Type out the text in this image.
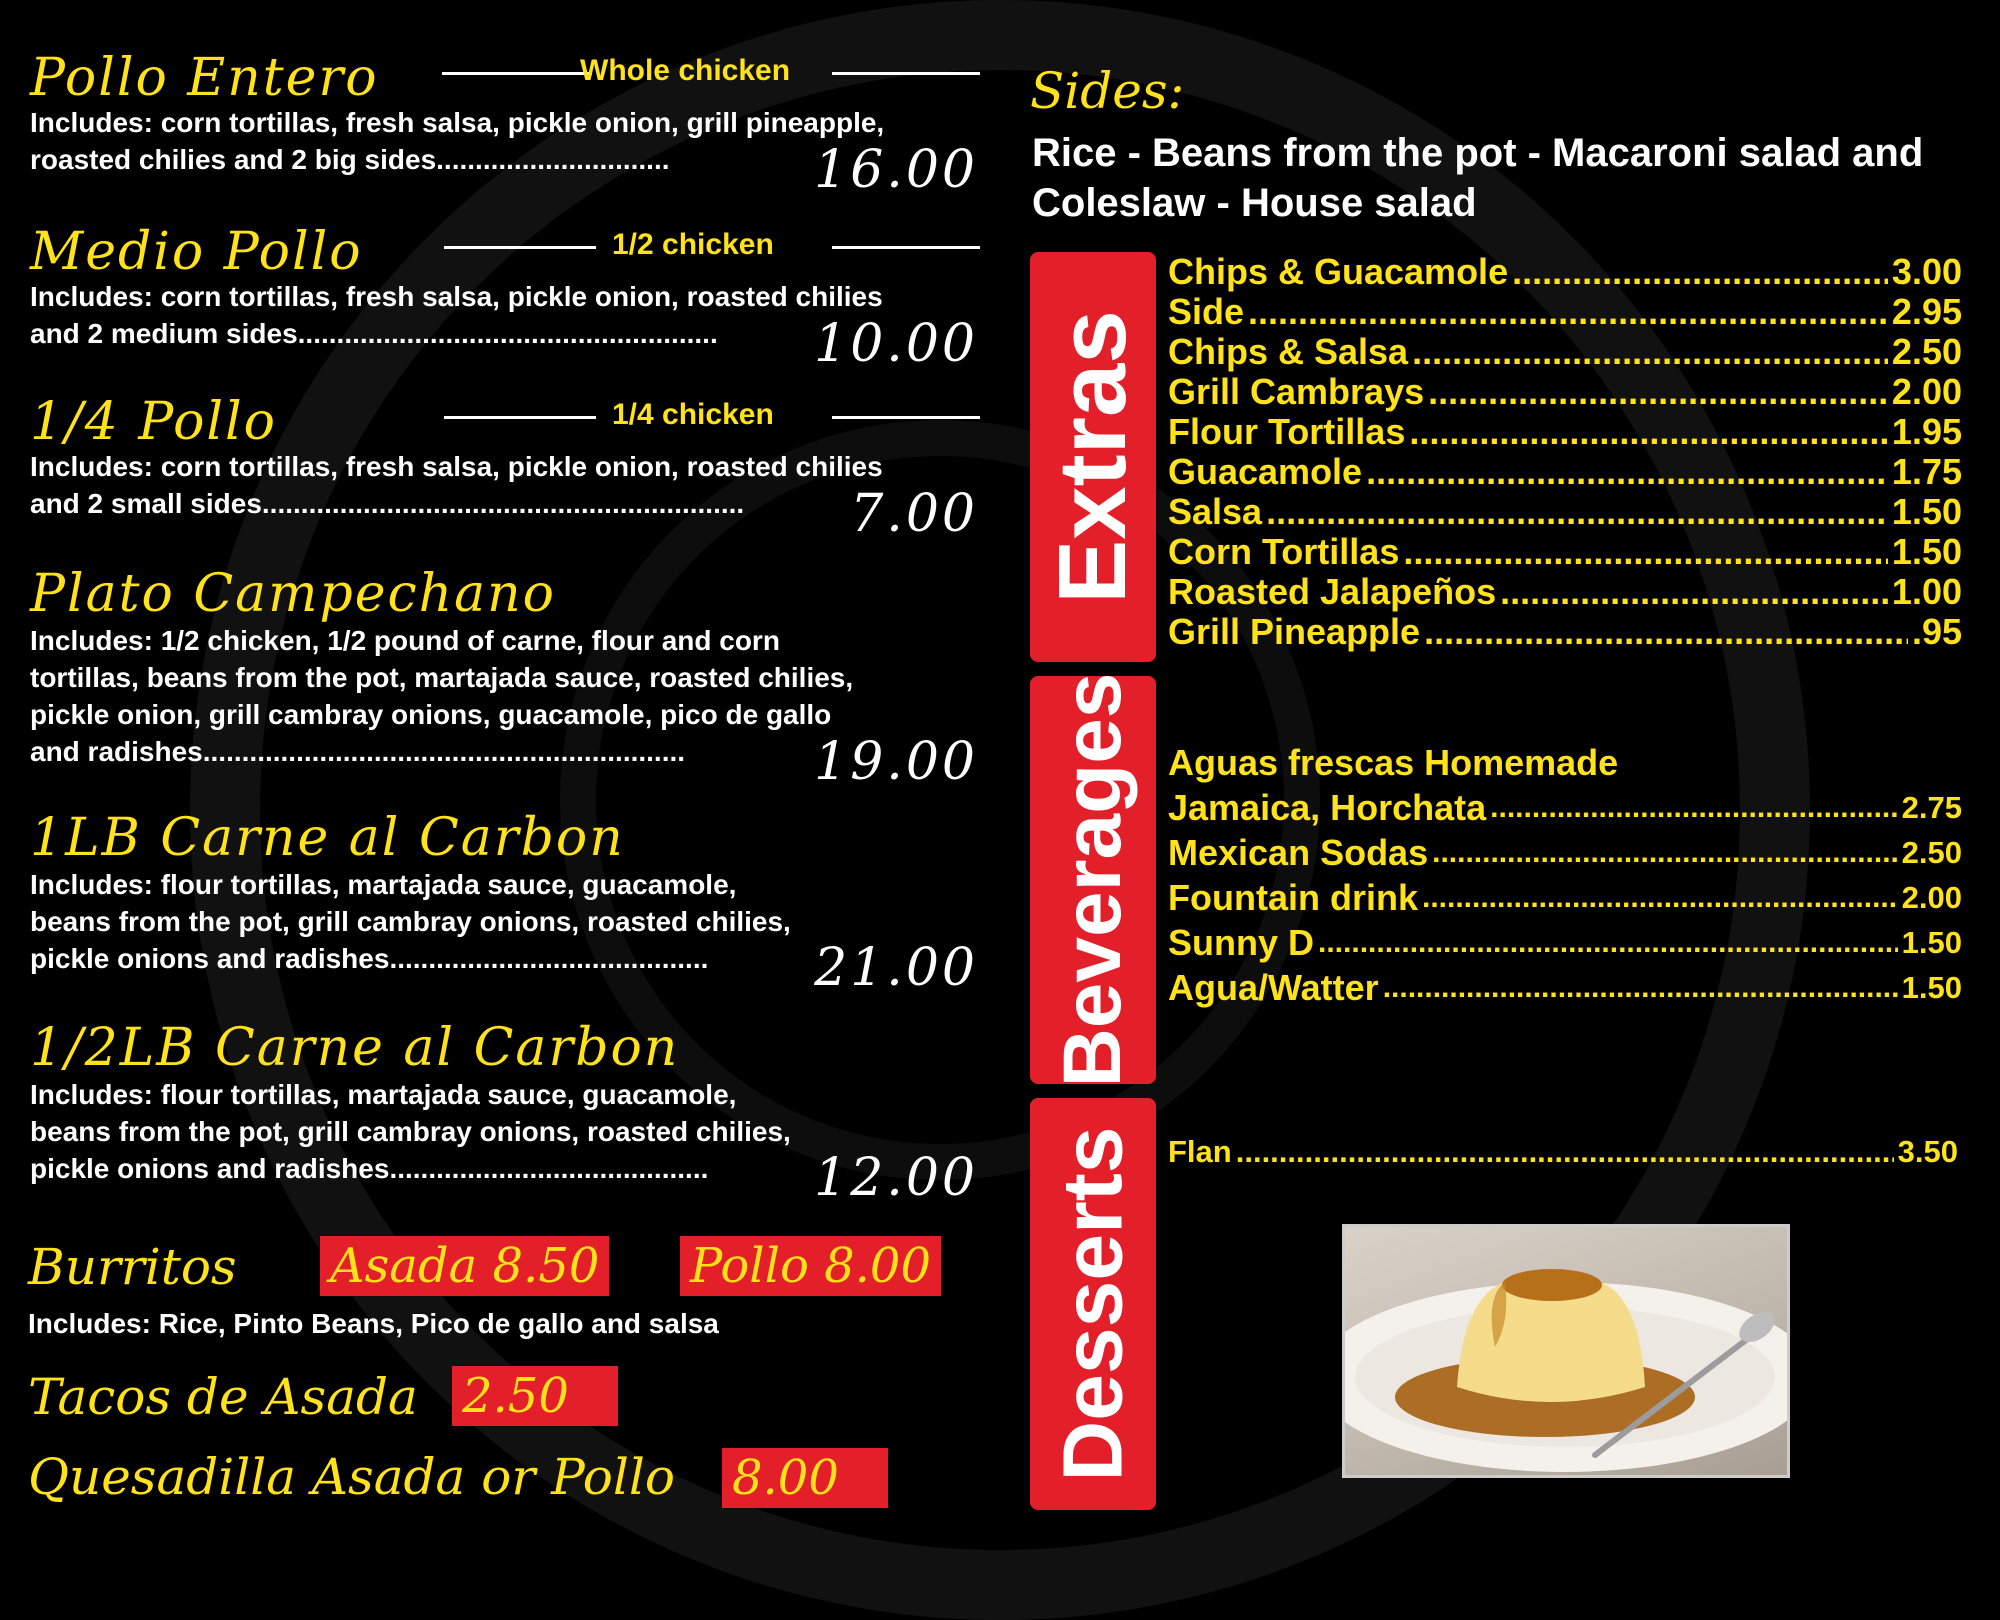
Pollo Entero	Whole chicken
Includes: corn tortillas, fresh salsa, pickle onion, grill pineapple,
roasted chilies and 2 big sides..............................	16.00
Medio Pollo	1/2 chicken
Includes: corn tortillas, fresh salsa, pickle onion, roasted chilies
and 2 medium sides......................................................	10.00
1/4 Pollo	1/4 chicken
Includes: corn tortillas, fresh salsa, pickle onion, roasted chilies
and 2 small sides..............................................................	7.00
Plato Campechano
Includes: 1/2 chicken, 1/2 pound of carne, flour and corn
tortillas, beans from the pot, martajada sauce, roasted chilies,
pickle onion, grill cambray onions, guacamole, pico de gallo
and radishes..............................................................	19.00
1LB Carne al Carbon
Includes: flour tortillas, martajada sauce, guacamole,
beans from the pot, grill cambray onions, roasted chilies,
pickle onions and radishes.........................................	21.00
1/2LB Carne al Carbon
Includes: flour tortillas, martajada sauce, guacamole,
beans from the pot, grill cambray onions, roasted chilies,
pickle onions and radishes.........................................	12.00
Burritos Asada 8.50 Pollo 8.00
Includes: Rice, Pinto Beans, Pico de gallo and salsa
Tacos de Asada 2.50
Quesadilla Asada or Pollo 8.00
Sides:
Rice - Beans from the pot - Macaroni salad and Coleslaw - House salad
Extras
Chips & Guacamole .....	3.00
Side .....	2.95
Chips & Salsa .....	2.50
Grill Cambrays .....	2.00
Flour Tortillas .....	1.95
Guacamole .....	1.75
Salsa .....	1.50
Corn Tortillas .....	1.50
Roasted Jalapeños .....	1.00
Grill Pineapple .....	.95
Beverages Aguas frescas Homemade
Jamaica, Horchata .....	2.75
Mexican Sodas .....	2.50
Fountain drink .....	2.00
Sunny D .....	1.50
Agua/Watter .....	1.50
Desserts Flan .....	3.50
